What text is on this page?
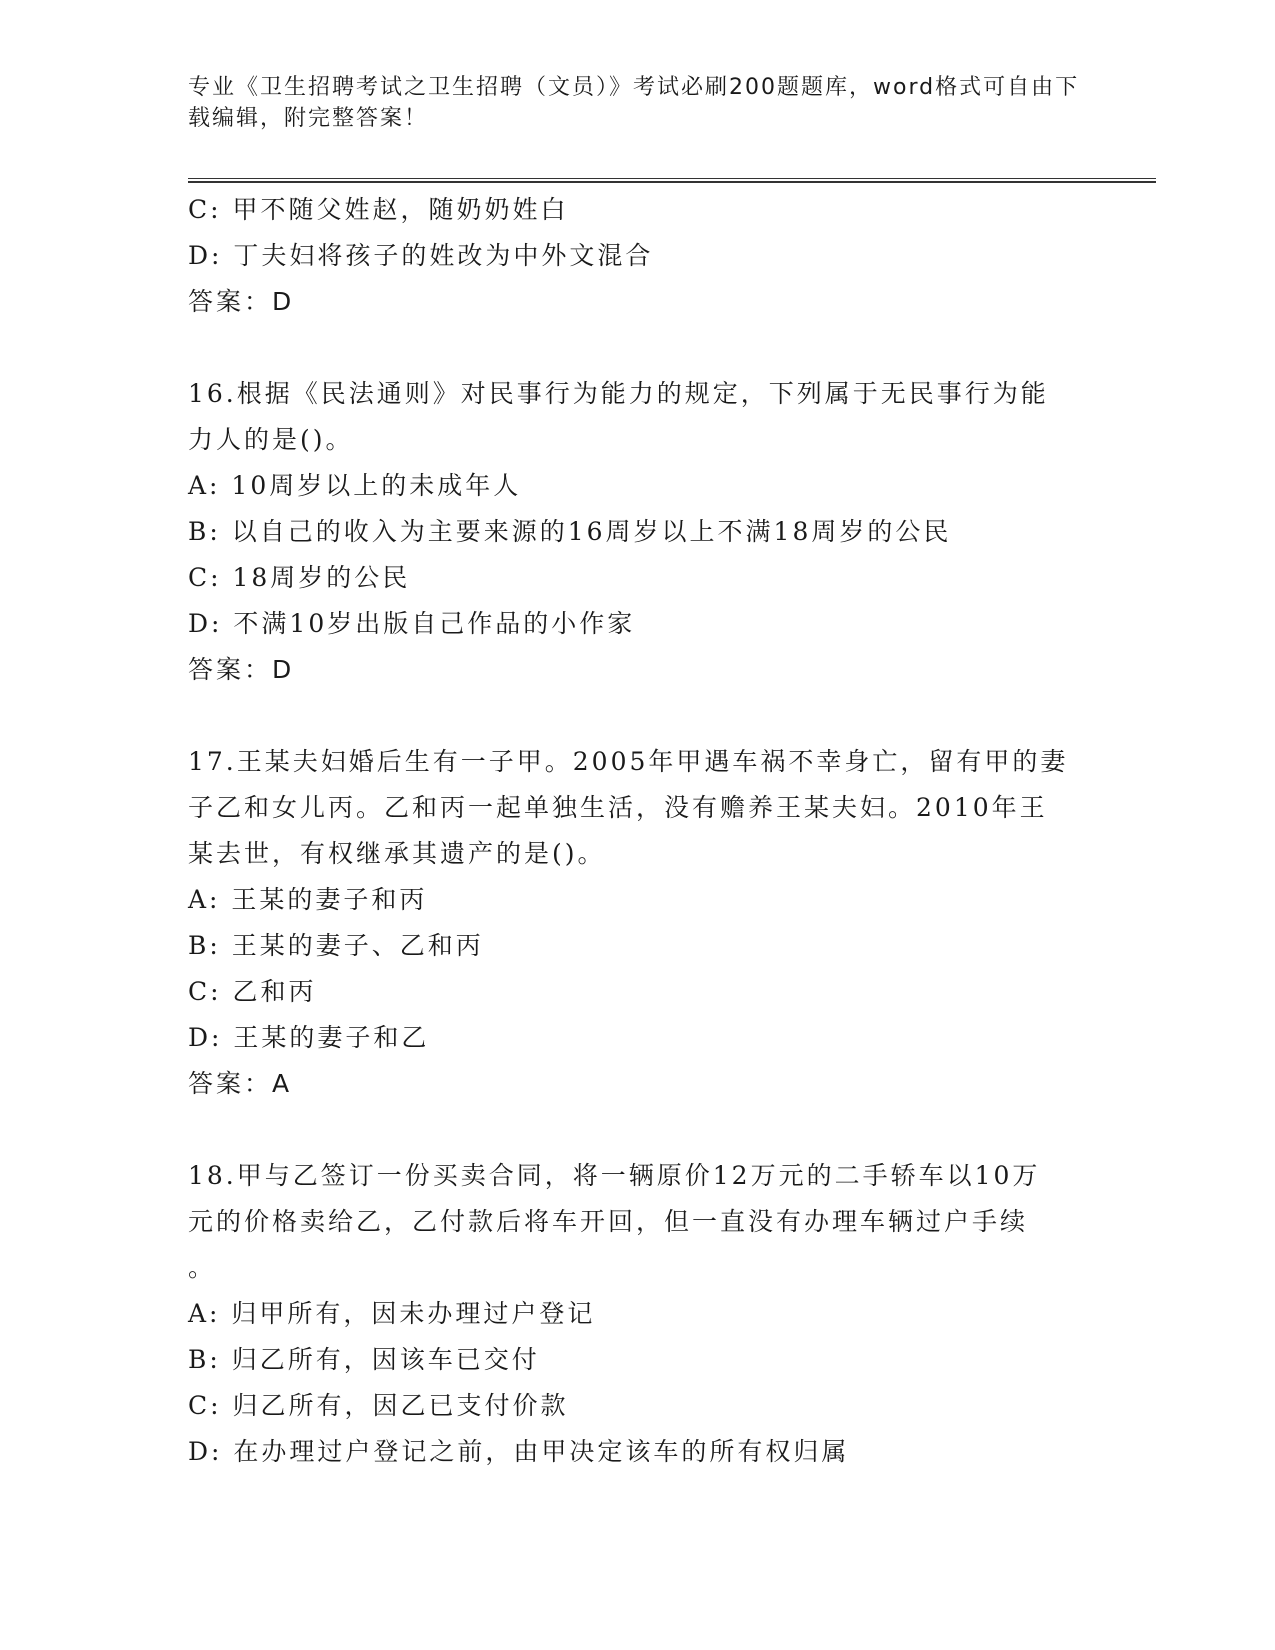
专业《卫生招聘考试之卫生招聘（文员）》考试必刷200题题库，word格式可自由下载编辑，附完整答案！
C: 甲不随父姓赵，随奶奶姓白
D: 丁夫妇将孩子的姓改为中外文混合
答案：D
16.根据《民法通则》对民事行为能力的规定，下列属于无民事行为能
力人的是()。
A: 10周岁以上的未成年人
B: 以自己的收入为主要来源的16周岁以上不满18周岁的公民
C: 18周岁的公民
D: 不满10岁出版自己作品的小作家
答案：D
17.王某夫妇婚后生有一子甲。2005年甲遇车祸不幸身亡，留有甲的妻
子乙和女儿丙。乙和丙一起单独生活，没有赡养王某夫妇。2010年王
某去世，有权继承其遗产的是()。
A: 王某的妻子和丙
B: 王某的妻子、乙和丙
C: 乙和丙
D: 王某的妻子和乙
答案：A
18.甲与乙签订一份买卖合同，将一辆原价12万元的二手轿车以10万
元的价格卖给乙，乙付款后将车开回，但一直没有办理车辆过户手续
。
A: 归甲所有，因未办理过户登记
B: 归乙所有，因该车已交付
C: 归乙所有，因乙已支付价款
D: 在办理过户登记之前，由甲决定该车的所有权归属
